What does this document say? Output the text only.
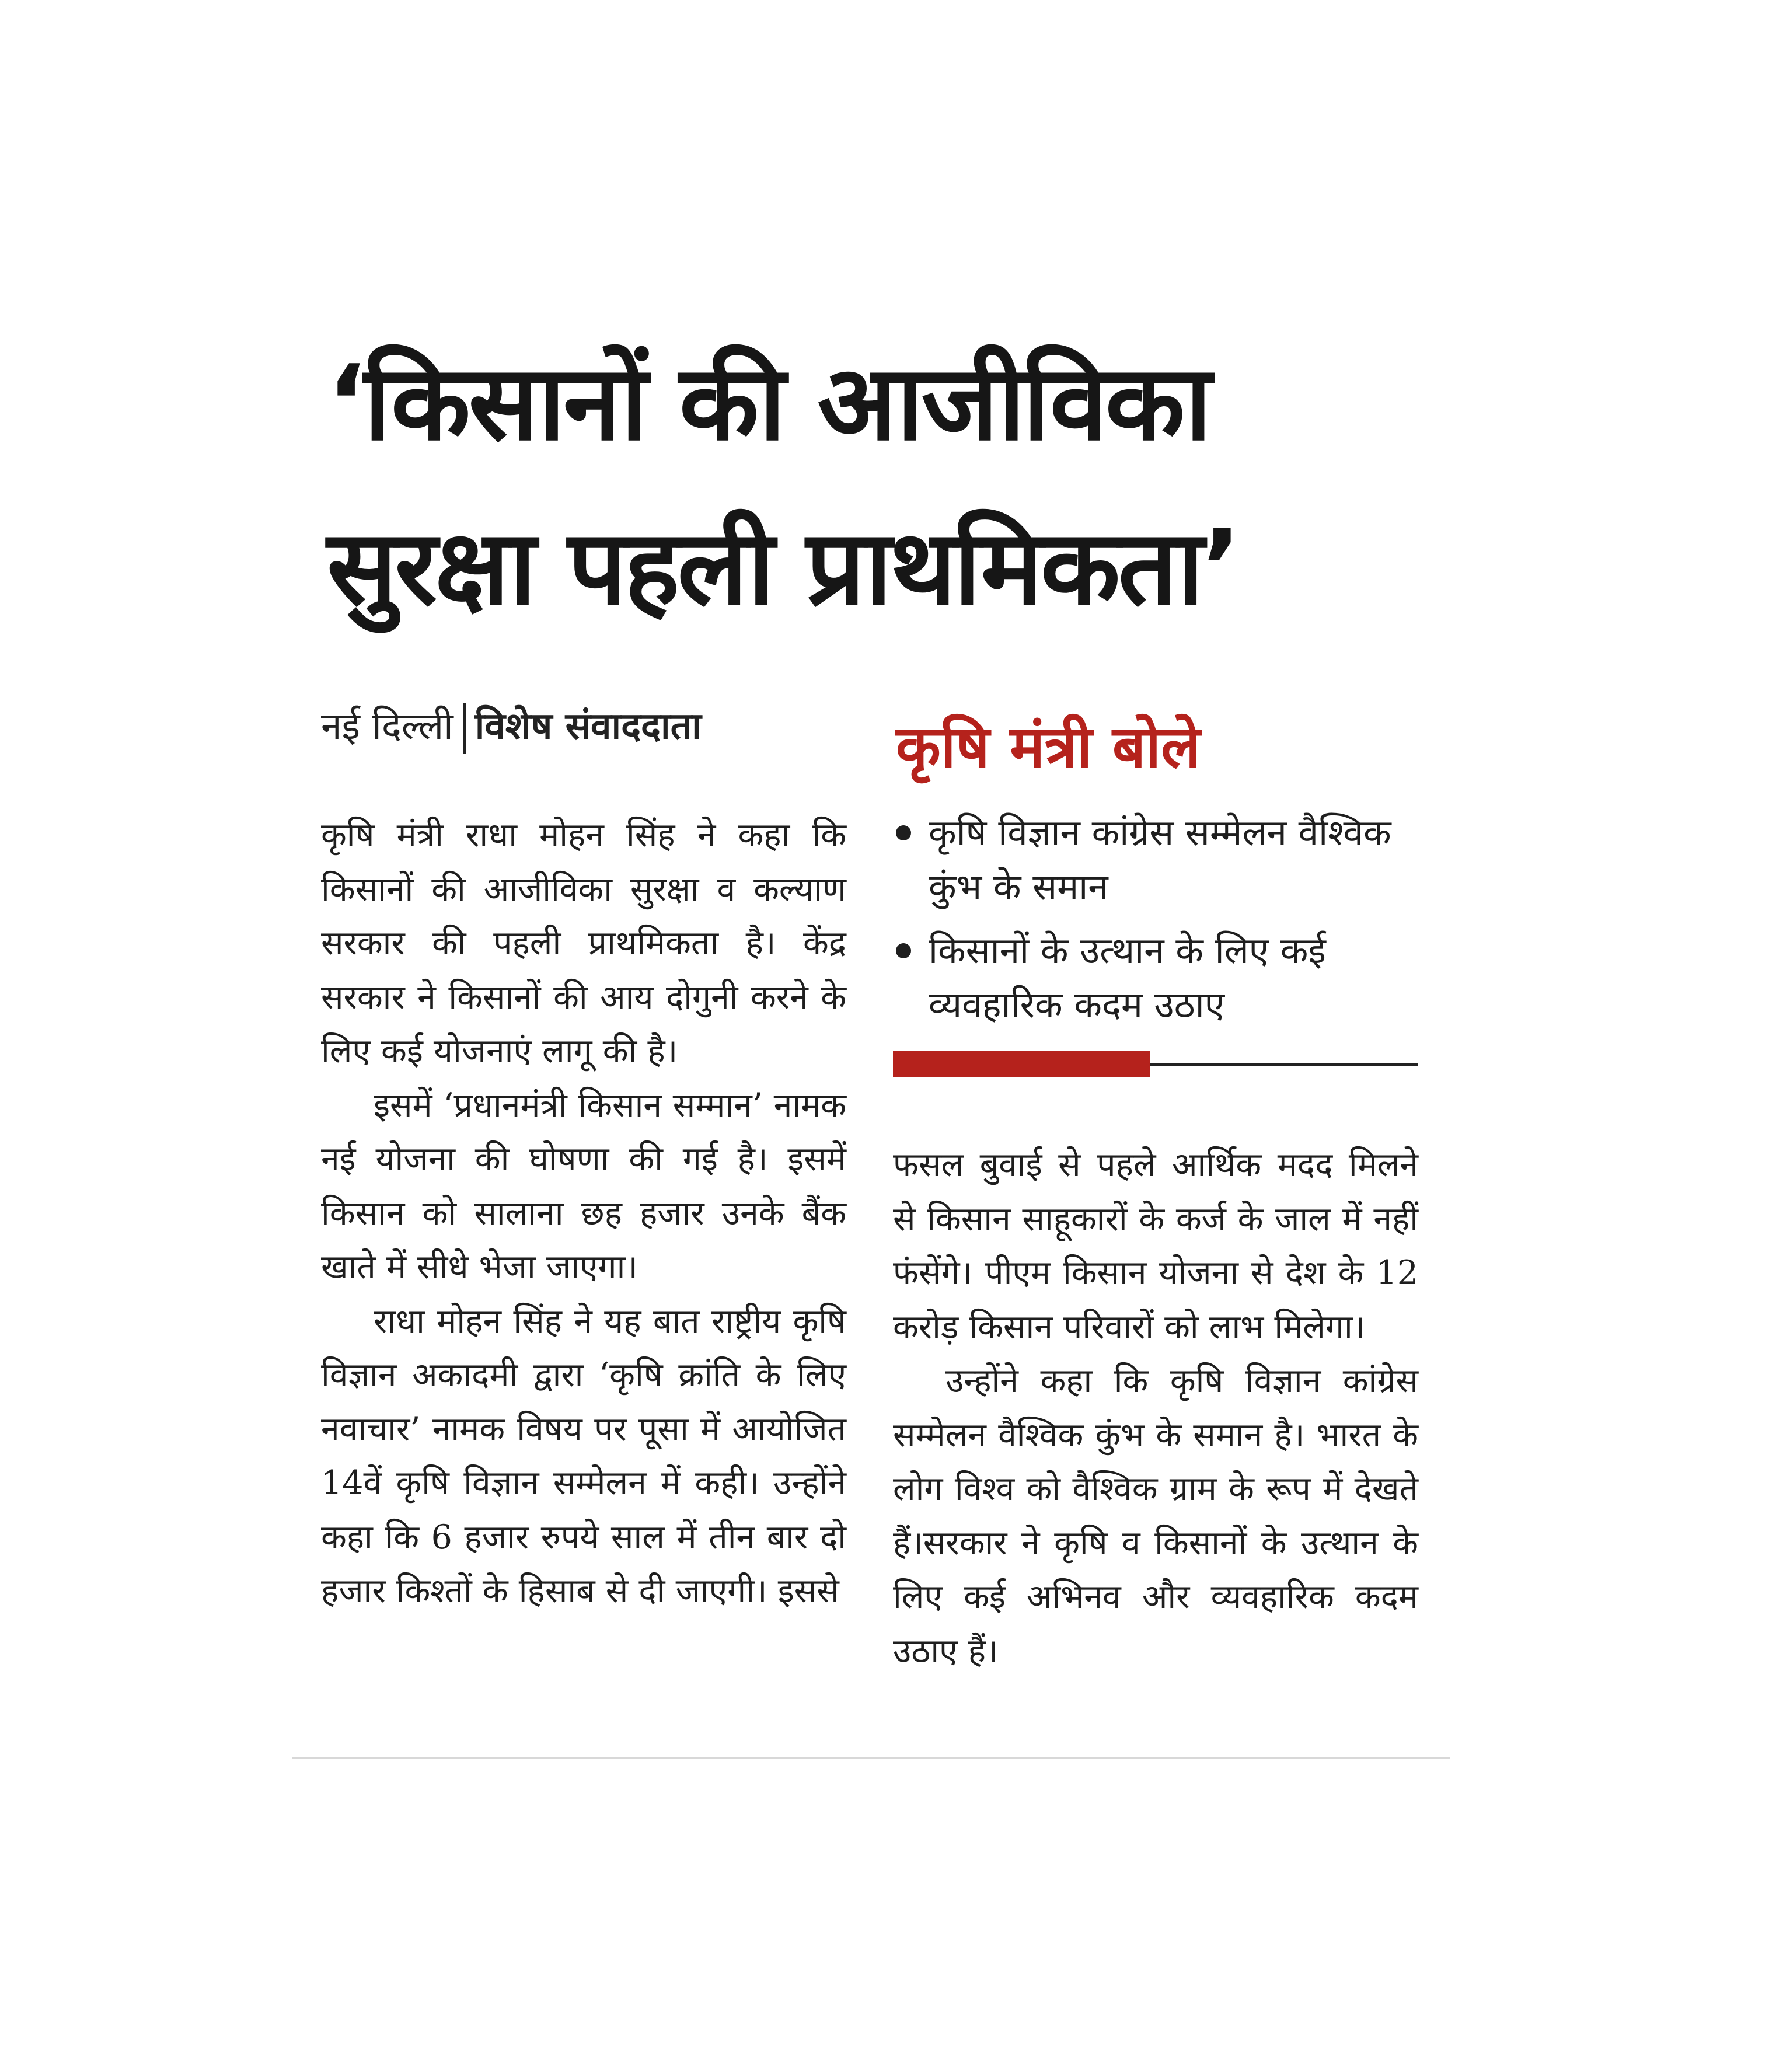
‘किसानों की आजीविका
सुरक्षा पहली प्राथमिकता’
नई दिल्ली विशेष संवाददाता

कृषि मंत्री राधा मोहन सिंह ने कहा कि किसानों की आजीविका सुरक्षा व कल्याण सरकार की पहली प्राथमिकता है। केंद्र सरकार ने किसानों की आय दोगुनी करने के लिए कई योजनाएं लागू की है।

इसमें ‘प्रधानमंत्री किसान सम्मान’ नामक नई योजना की घोषणा की गई है। इसमें किसान को सालाना छह हजार उनके बैंक खाते में सीधे भेजा जाएगा।

राधा मोहन सिंह ने यह बात राष्ट्रीय कृषि विज्ञान अकादमी द्वारा ‘कृषि क्रांति के लिए नवाचार’ नामक विषय पर पूसा में आयोजित 14वें कृषि विज्ञान सम्मेलन में कही। उन्होंने कहा कि 6 हजार रुपये साल में तीन बार दो हजार किश्तों के हिसाब से दी जाएगी। इससे

कृषि मंत्री बोले
कृषि विज्ञान कांग्रेस सम्मेलन वैश्विक कुंभ के समान
किसानों के उत्थान के लिए कई व्यवहारिक कदम उठाए

फसल बुवाई से पहले आर्थिक मदद मिलने से किसान साहूकारों के कर्ज के जाल में नहीं फंसेंगे। पीएम किसान योजना से देश के 12 करोड़ किसान परिवारों को लाभ मिलेगा।

उन्होंने कहा कि कृषि विज्ञान कांग्रेस सम्मेलन वैश्विक कुंभ के समान है। भारत के लोग विश्व को वैश्विक ग्राम के रूप में देखते हैं।सरकार ने कृषि व किसानों के उत्थान के लिए कई अभिनव और व्यवहारिक कदम उठाए हैं।
